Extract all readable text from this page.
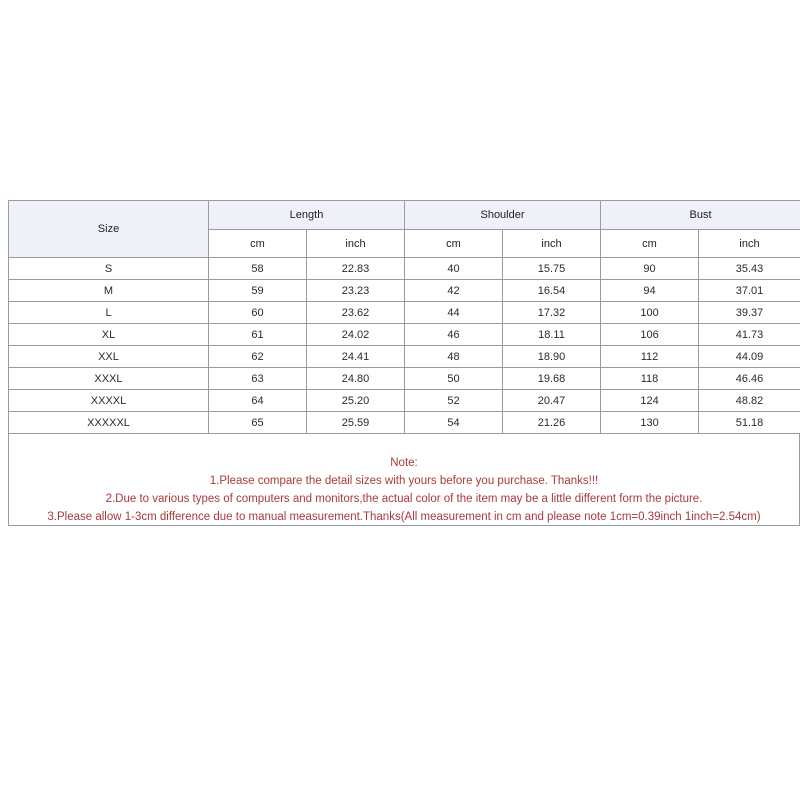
Size	Length		Shoulder		Bust	
	cm	inch	cm	inch	cm	inch
S	58	22.83	40	15.75	90	35.43
M	59	23.23	42	16.54	94	37.01
L	60	23.62	44	17.32	100	39.37
XL	61	24.02	46	18.11	106	41.73
XXL	62	24.41	48	18.90	112	44.09
XXXL	63	24.80	50	19.68	118	46.46
XXXXL	64	25.20	52	20.47	124	48.82
XXXXXL	65	25.59	54	21.26	130	51.18
Note:
1.Please compare the detail sizes with yours before you purchase. Thanks!!!
2.Due to various types of computers and monitors,the actual color of the item may be a little different form the picture.
3.Please allow 1-3cm difference due to manual measurement.Thanks(All measurement in cm and please note 1cm=0.39inch 1inch=2.54cm)
